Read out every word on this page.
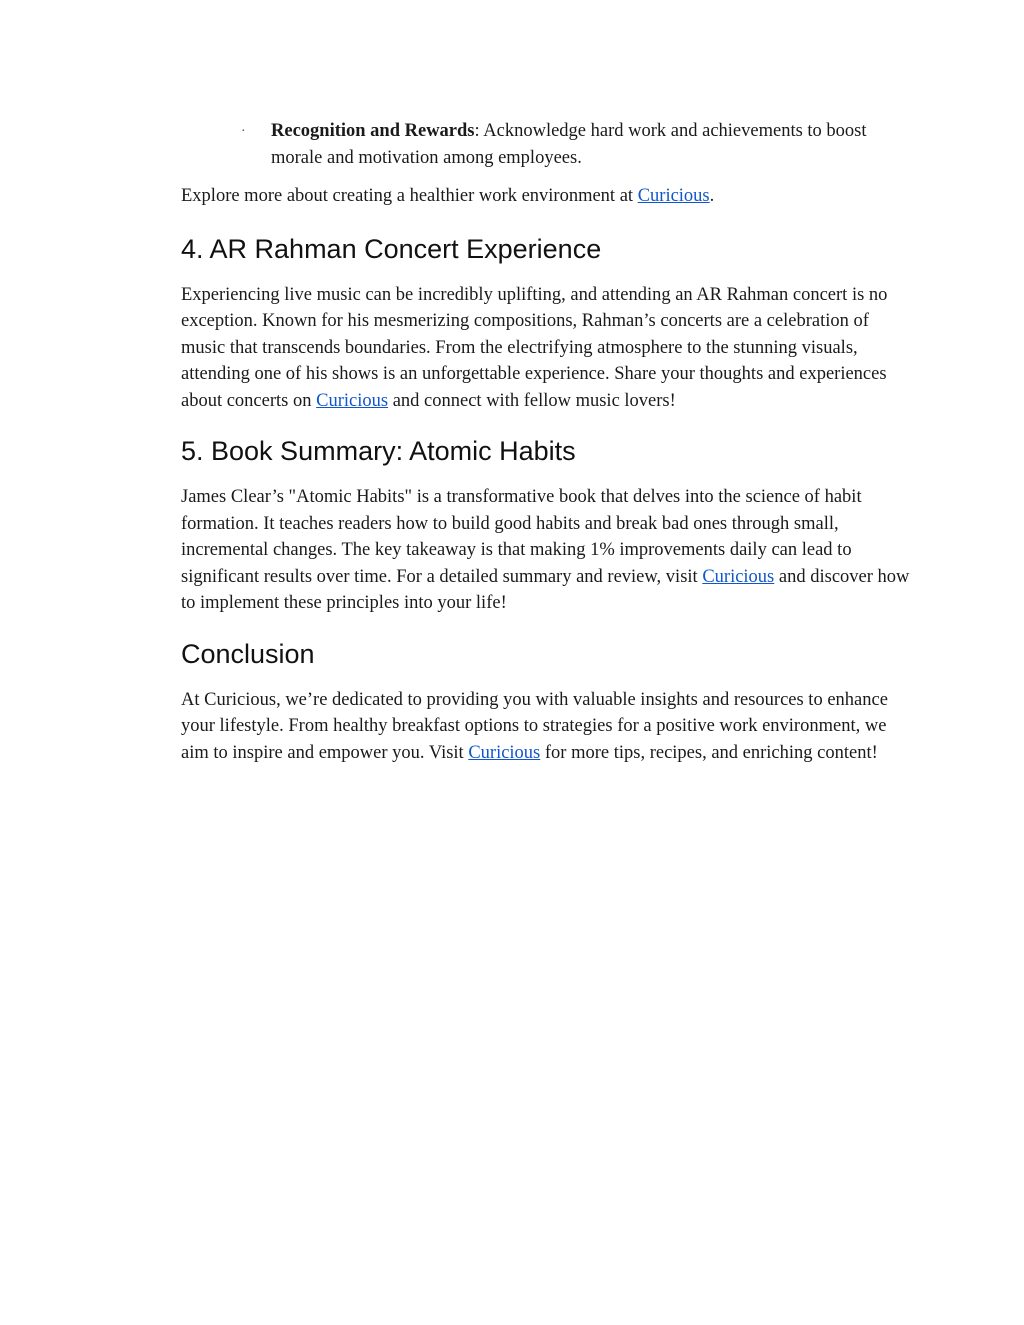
· Recognition and Rewards: Acknowledge hard work and achievements to boost morale and motivation among employees.

Explore more about creating a healthier work environment at Curicious.

4. AR Rahman Concert Experience

Experiencing live music can be incredibly uplifting, and attending an AR Rahman concert is no exception. Known for his mesmerizing compositions, Rahman’s concerts are a celebration of music that transcends boundaries. From the electrifying atmosphere to the stunning visuals, attending one of his shows is an unforgettable experience. Share your thoughts and experiences about concerts on Curicious and connect with fellow music lovers!

5. Book Summary: Atomic Habits

James Clear’s "Atomic Habits" is a transformative book that delves into the science of habit formation. It teaches readers how to build good habits and break bad ones through small, incremental changes. The key takeaway is that making 1% improvements daily can lead to significant results over time. For a detailed summary and review, visit Curicious and discover how to implement these principles into your life!

Conclusion

At Curicious, we’re dedicated to providing you with valuable insights and resources to enhance your lifestyle. From healthy breakfast options to strategies for a positive work environment, we aim to inspire and empower you. Visit Curicious for more tips, recipes, and enriching content!
